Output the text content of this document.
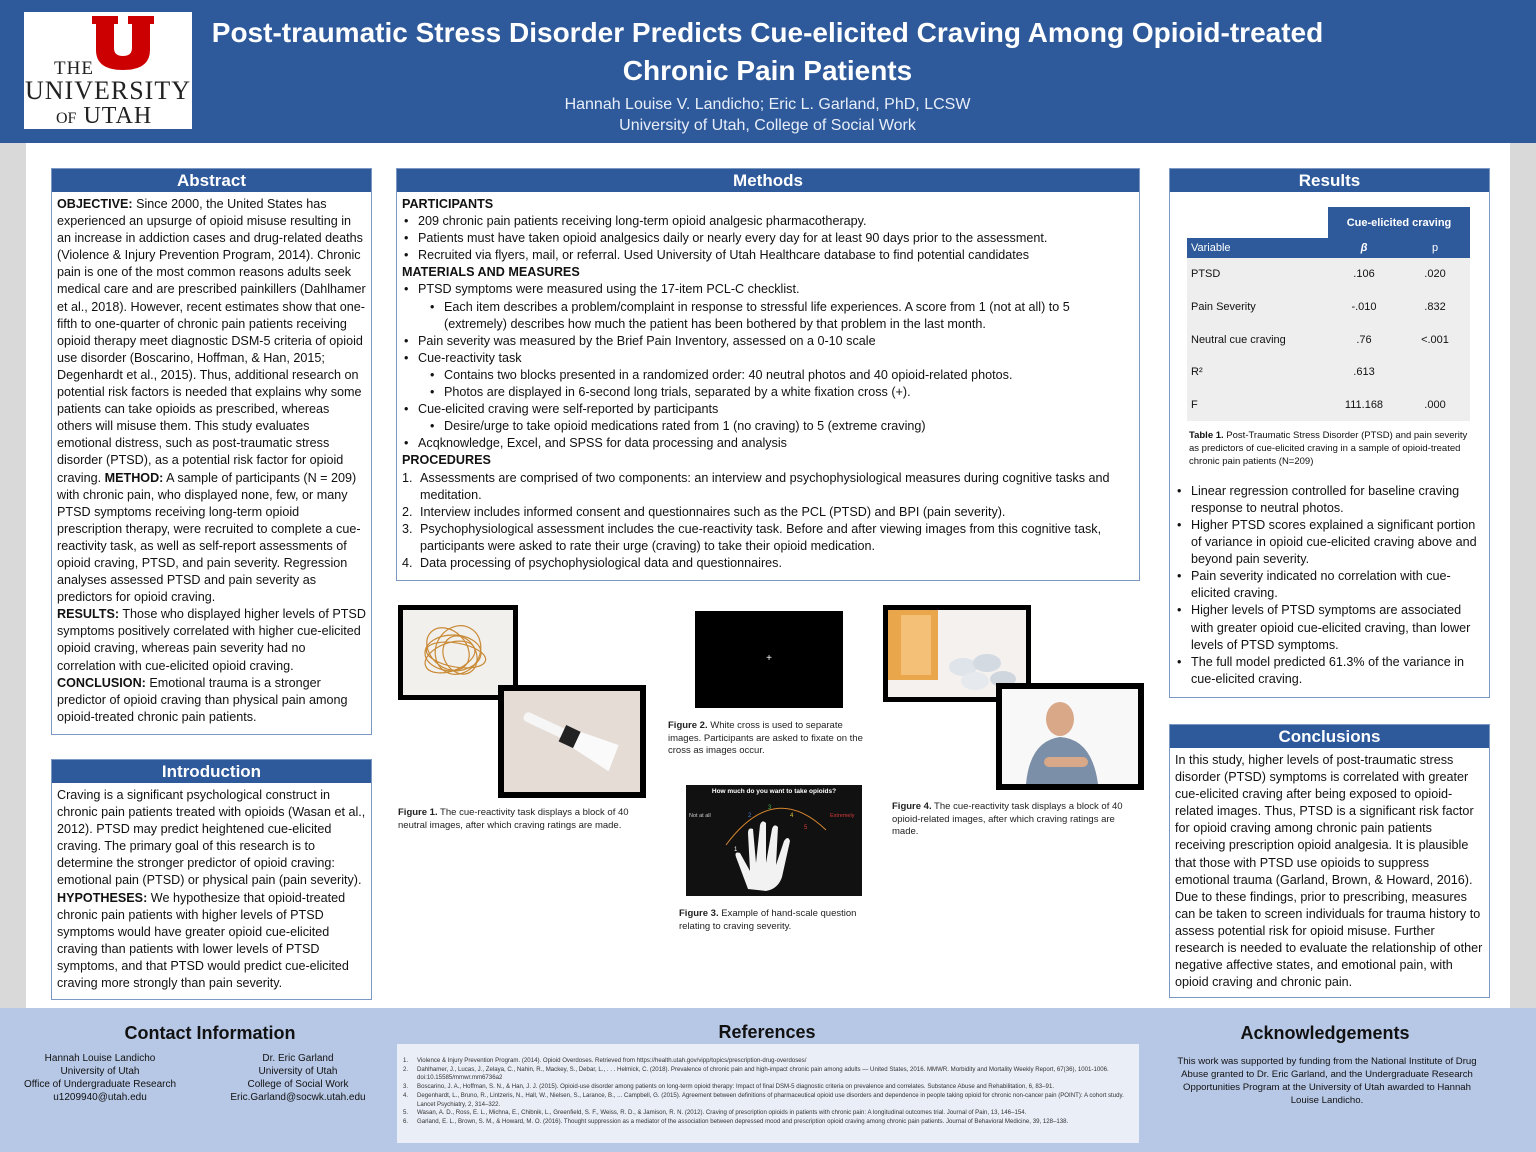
THE
UNIVERSITY
OF UTAH
Post-traumatic Stress Disorder Predicts Cue-elicited Craving Among Opioid-treated
Chronic Pain Patients
Hannah Louise V. Landicho; Eric L. Garland, PhD, LCSW
University of Utah, College of Social Work
Abstract
OBJECTIVE: Since 2000, the United States has experienced an upsurge of opioid misuse resulting in an increase in addiction cases and drug-related deaths (Violence & Injury Prevention Program, 2014). Chronic pain is one of the most common reasons adults seek medical care and are prescribed painkillers (Dahlhamer et al., 2018). However, recent estimates show that one-fifth to one-quarter of chronic pain patients receiving opioid therapy meet diagnostic DSM-5 criteria of opioid use disorder (Boscarino, Hoffman, & Han, 2015; Degenhardt et al., 2015). Thus, additional research on potential risk factors is needed that explains why some patients can take opioids as prescribed, whereas others will misuse them. This study evaluates emotional distress, such as post-traumatic stress disorder (PTSD), as a potential risk factor for opioid craving. METHOD: A sample of participants (N = 209) with chronic pain, who displayed none, few, or many PTSD symptoms receiving long-term opioid prescription therapy, were recruited to complete a cue-reactivity task, as well as self-report assessments of opioid craving, PTSD, and pain severity. Regression analyses assessed PTSD and pain severity as predictors for opioid craving.
RESULTS: Those who displayed higher levels of PTSD symptoms positively correlated with higher cue-elicited opioid craving, whereas pain severity had no correlation with cue-elicited opioid craving.
CONCLUSION: Emotional trauma is a stronger predictor of opioid craving than physical pain among opioid-treated chronic pain patients.
Introduction
Craving is a significant psychological construct in chronic pain patients treated with opioids (Wasan et al., 2012). PTSD may predict heightened cue-elicited craving. The primary goal of this research is to determine the stronger predictor of opioid craving: emotional pain (PTSD) or physical pain (pain severity). HYPOTHESES: We hypothesize that opioid-treated chronic pain patients with higher levels of PTSD symptoms would have greater opioid cue-elicited craving than patients with lower levels of PTSD symptoms, and that PTSD would predict cue-elicited craving more strongly than pain severity.
Methods
PARTICIPANTS
• 209 chronic pain patients receiving long-term opioid analgesic pharmacotherapy.
• Patients must have taken opioid analgesics daily or nearly every day for at least 90 days prior to the assessment.
• Recruited via flyers, mail, or referral. Used University of Utah Healthcare database to find potential candidates
MATERIALS AND MEASURES
• PTSD symptoms were measured using the 17-item PCL-C checklist.
• Each item describes a problem/complaint in response to stressful life experiences. A score from 1 (not at all) to 5 (extremely) describes how much the patient has been bothered by that problem in the last month.
• Pain severity was measured by the Brief Pain Inventory, assessed on a 0-10 scale
• Cue-reactivity task
• Contains two blocks presented in a randomized order: 40 neutral photos and 40 opioid-related photos.
• Photos are displayed in 6-second long trials, separated by a white fixation cross (+).
• Cue-elicited craving were self-reported by participants
• Desire/urge to take opioid medications rated from 1 (no craving) to 5 (extreme craving)
• Acqknowledge, Excel, and SPSS for data processing and analysis
PROCEDURES
1. Assessments are comprised of two components: an interview and psychophysiological measures during cognitive tasks and meditation.
2. Interview includes informed consent and questionnaires such as the PCL (PTSD) and BPI (pain severity).
3. Psychophysiological assessment includes the cue-reactivity task. Before and after viewing images from this cognitive task, participants were asked to rate their urge (craving) to take their opioid medication.
4. Data processing of psychophysiological data and questionnaires.
Figure 1. The cue-reactivity task displays a block of 40 neutral images, after which craving ratings are made.
+
Figure 2. White cross is used to separate images. Participants are asked to fixate on the cross as images occur.
How much do you want to take opioids?
Not at all	Extremely
1
2
3
4
5
Figure 3. Example of hand-scale question relating to craving severity.
Figure 4. The cue-reactivity task displays a block of 40 opioid-related images, after which craving ratings are made.
Results
	Cue-elicited craving	
Variable	β	p
PTSD	.106	.020
Pain Severity	-.010	.832
Neutral cue craving	.76	<.001
R²	.613	
F	111.168	.000
Table 1. Post-Traumatic Stress Disorder (PTSD) and pain severity as predictors of cue-elicited craving in a sample of opioid-treated chronic pain patients (N=209)
• Linear regression controlled for baseline craving response to neutral photos.
• Higher PTSD scores explained a significant portion of variance in opioid cue-elicited craving above and beyond pain severity.
• Pain severity indicated no correlation with cue-elicited craving.
• Higher levels of PTSD symptoms are associated with greater opioid cue-elicited craving, than lower levels of PTSD symptoms.
• The full model predicted 61.3% of the variance in cue-elicited craving.
Conclusions
In this study, higher levels of post-traumatic stress disorder (PTSD) symptoms is correlated with greater cue-elicited craving after being exposed to opioid-related images. Thus, PTSD is a significant risk factor for opioid craving among chronic pain patients receiving prescription opioid analgesia. It is plausible that those with PTSD use opioids to suppress emotional trauma (Garland, Brown, & Howard, 2016). Due to these findings, prior to prescribing, measures can be taken to screen individuals for trauma history to assess potential risk for opioid misuse. Further research is needed to evaluate the relationship of other negative affective states, and emotional pain, with opioid craving and chronic pain.
Contact Information
Hannah Louise Landicho
University of Utah
Office of Undergraduate Research
u1209940@utah.edu
Dr. Eric Garland
University of Utah
College of Social Work
Eric.Garland@socwk.utah.edu
References
1. Violence & Injury Prevention Program. (2014). Opioid Overdoses. Retrieved from https://health.utah.gov/vipp/topics/prescription-drug-overdoses/
2. Dahlhamer, J., Lucas, J., Zelaya, C., Nahin, R., Mackey, S., Debar, L., . . . Helmick, C. (2018). Prevalence of chronic pain and high-impact chronic pain among adults — United States, 2016. MMWR. Morbidity and Mortality Weekly Report, 67(36), 1001-1006. doi:10.15585/mmwr.mm6736a2
3. Boscarino, J. A., Hoffman, S. N., & Han, J. J. (2015). Opioid-use disorder among patients on long-term opioid therapy: Impact of final DSM-5 diagnostic criteria on prevalence and correlates. Substance Abuse and Rehabilitation, 6, 83–91.
4. Degenhardt, L., Bruno, R., Lintzeris, N., Hall, W., Nielsen, S., Larance, B., ... Campbell, G. (2015). Agreement between definitions of pharmaceutical opioid use disorders and dependence in people taking opioid for chronic non-cancer pain (POINT): A cohort study. Lancet Psychiatry, 2, 314–322.
5. Wasan, A. D., Ross, E. L., Michna, E., Chibnik, L., Greenfield, S. F., Weiss, R. D., & Jamison, R. N. (2012). Craving of prescription opioids in patients with chronic pain: A longitudinal outcomes trial. Journal of Pain, 13, 146–154.
6. Garland, E. L., Brown, S. M., & Howard, M. O. (2016). Thought suppression as a mediator of the association between depressed mood and prescription opioid craving among chronic pain patients. Journal of Behavioral Medicine, 39, 128–138.
Acknowledgements
This work was supported by funding from the National Institute of Drug Abuse granted to Dr. Eric Garland, and the Undergraduate Research Opportunities Program at the University of Utah awarded to Hannah Louise Landicho.
